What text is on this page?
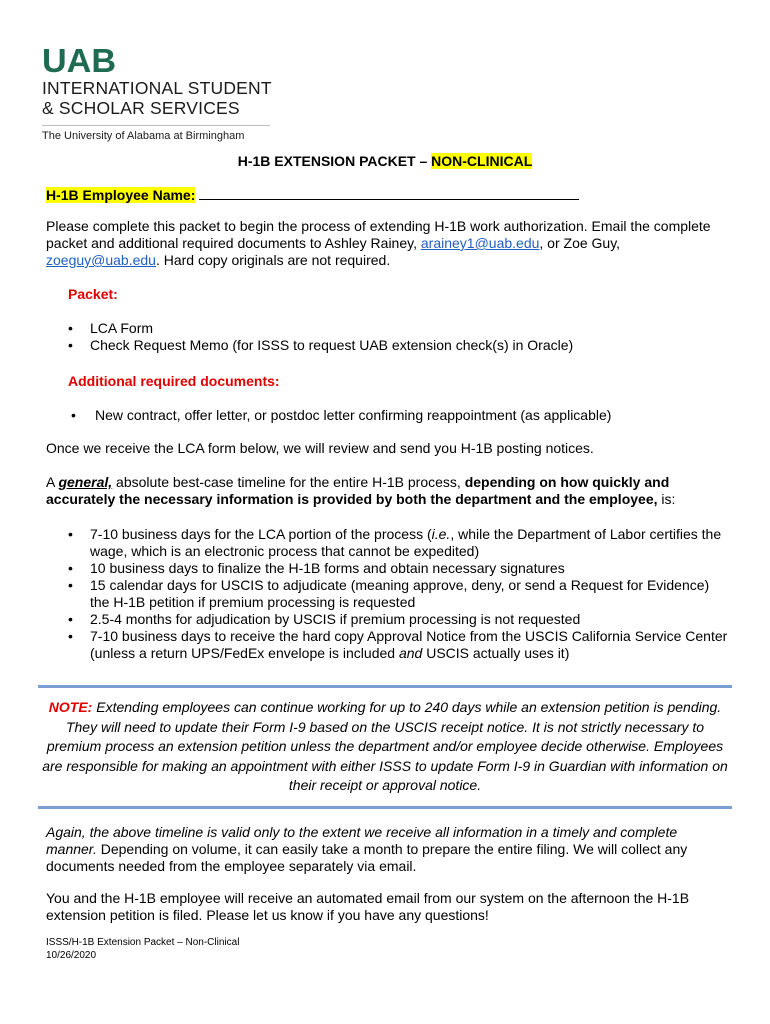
UAB
INTERNATIONAL STUDENT
& SCHOLAR SERVICES
The University of Alabama at Birmingham
H-1B EXTENSION PACKET – NON-CLINICAL
H-1B Employee Name:
Please complete this packet to begin the process of extending H-1B work authorization. Email the complete packet and additional required documents to Ashley Rainey, arainey1@uab.edu, or Zoe Guy, zoeguy@uab.edu. Hard copy originals are not required.
Packet:
• LCA Form
• Check Request Memo (for ISSS to request UAB extension check(s) in Oracle)
Additional required documents:
• New contract, offer letter, or postdoc letter confirming reappointment (as applicable)
Once we receive the LCA form below, we will review and send you H-1B posting notices.
A general, absolute best-case timeline for the entire H-1B process, depending on how quickly and accurately the necessary information is provided by both the department and the employee, is:
• 7-10 business days for the LCA portion of the process (i.e., while the Department of Labor certifies the wage, which is an electronic process that cannot be expedited)
• 10 business days to finalize the H-1B forms and obtain necessary signatures
• 15 calendar days for USCIS to adjudicate (meaning approve, deny, or send a Request for Evidence) the H-1B petition if premium processing is requested
• 2.5-4 months for adjudication by USCIS if premium processing is not requested
• 7-10 business days to receive the hard copy Approval Notice from the USCIS California Service Center (unless a return UPS/FedEx envelope is included and USCIS actually uses it)
NOTE: Extending employees can continue working for up to 240 days while an extension petition is pending. They will need to update their Form I-9 based on the USCIS receipt notice. It is not strictly necessary to premium process an extension petition unless the department and/or employee decide otherwise. Employees are responsible for making an appointment with either ISSS to update Form I-9 in Guardian with information on their receipt or approval notice.
Again, the above timeline is valid only to the extent we receive all information in a timely and complete manner. Depending on volume, it can easily take a month to prepare the entire filing. We will collect any documents needed from the employee separately via email.
You and the H-1B employee will receive an automated email from our system on the afternoon the H-1B extension petition is filed. Please let us know if you have any questions!
ISSS/H-1B Extension Packet – Non-Clinical
10/26/2020
